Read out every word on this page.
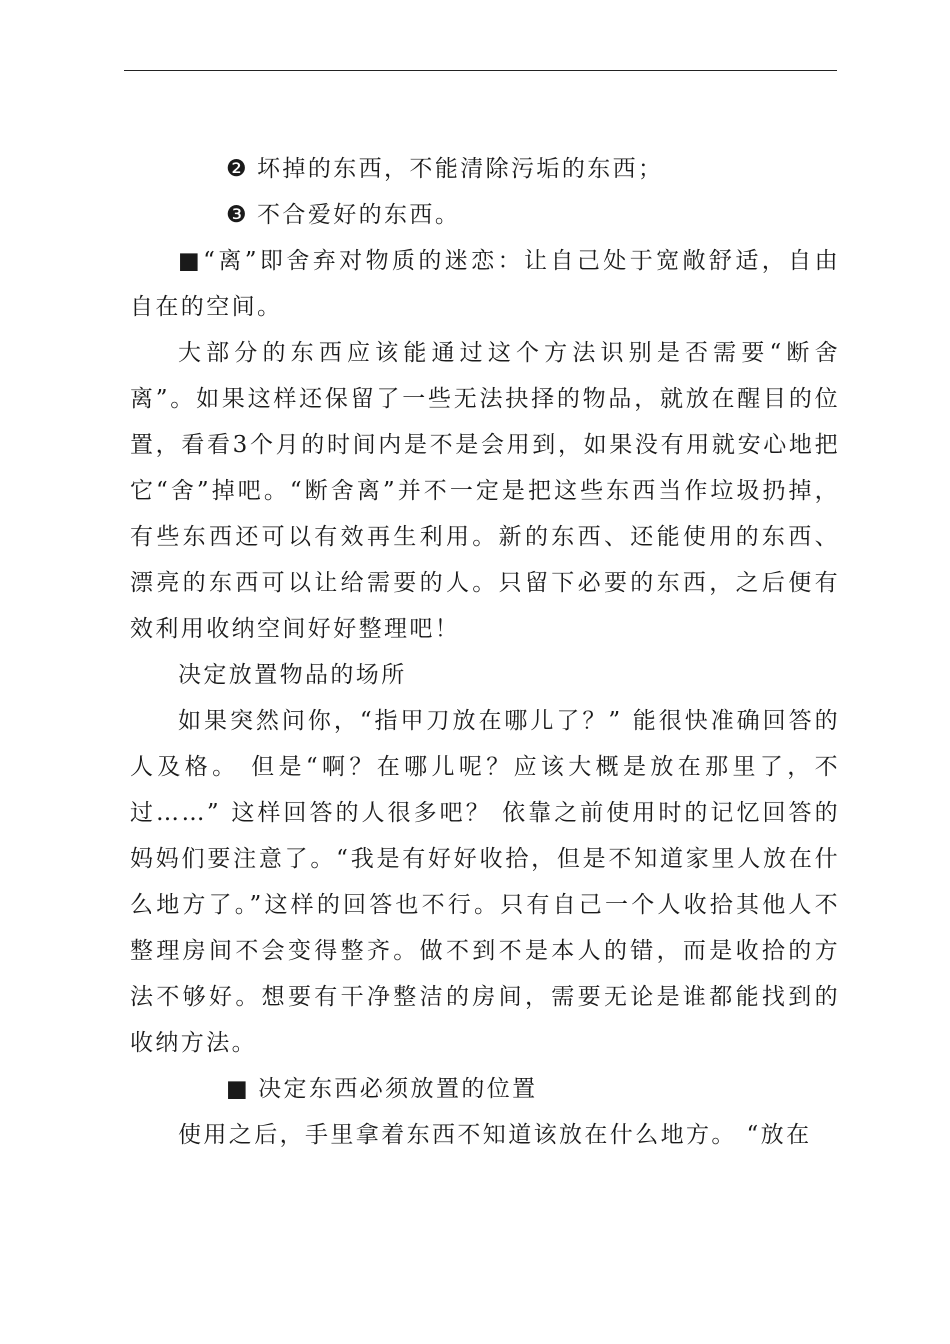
❷ 坏掉的东西，不能清除污垢的东西；

❸ 不合爱好的东西。

■“离”即舍弃对物质的迷恋：让自己处于宽敞舒适，自由自在的空间。

大部分的东西应该能通过这个方法识别是否需要“断舍离”。如果这样还保留了一些无法抉择的物品，就放在醒目的位置，看看3个月的时间内是不是会用到，如果没有用就安心地把它“舍”掉吧。“断舍离”并不一定是把这些东西当作垃圾扔掉，有些东西还可以有效再生利用。新的东西、还能使用的东西、漂亮的东西可以让给需要的人。只留下必要的东西，之后便有效利用收纳空间好好整理吧！

决定放置物品的场所

如果突然问你，“指甲刀放在哪儿了？” 能很快准确回答的人及格。 但是“啊？在哪儿呢？应该大概是放在那里了，不过……” 这样回答的人很多吧？ 依靠之前使用时的记忆回答的妈妈们要注意了。“我是有好好收拾，但是不知道家里人放在什么地方了。”这样的回答也不行。只有自己一个人收拾其他人不整理房间不会变得整齐。做不到不是本人的错，而是收拾的方法不够好。想要有干净整洁的房间，需要无论是谁都能找到的收纳方法。

■ 决定东西必须放置的位置

使用之后，手里拿着东西不知道该放在什么地方。 “放在
